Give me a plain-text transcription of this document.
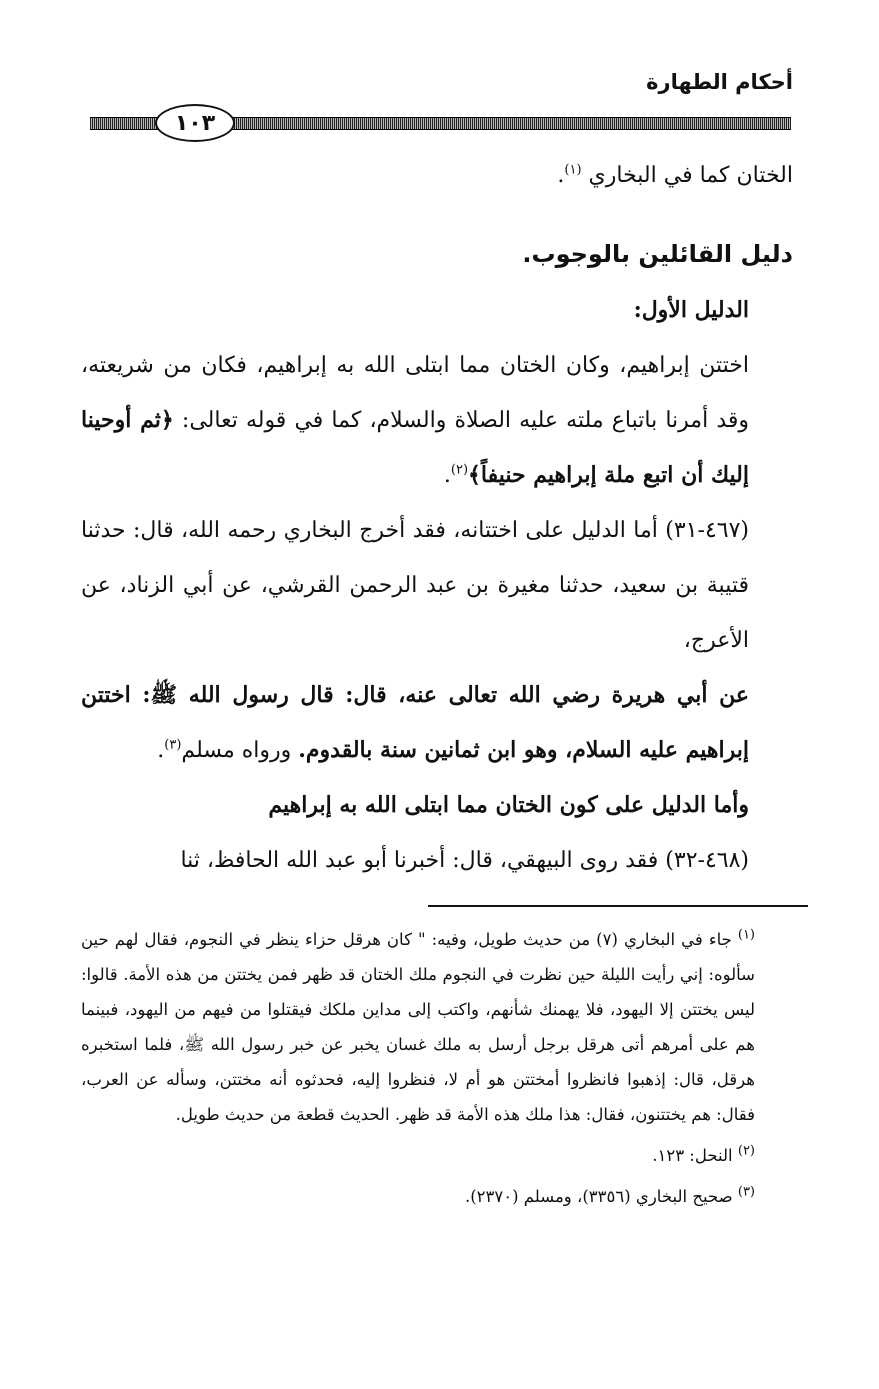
أحكام الطهارة
١٠٣

الختان كما في البخاري $^{(١)}$.

دليل القائلين بالوجوب.

الدليل الأول:

اختتن إبراهيم، وكان الختان مما ابتلى الله به إبراهيم، فكان من شريعته، وقد أمرنا باتباع ملته عليه الصلاة والسلام، كما في قوله تعالى: ﴿ثم أوحينا إليك أن اتبع ملة إبراهيم حنيفاً﴾$^{(٢)}$.

(٤٦٧-٣١) أما الدليل على اختتانه، فقد أخرج البخاري رحمه الله، قال: حدثنا قتيبة بن سعيد، حدثنا مغيرة بن عبد الرحمن القرشي، عن أبي الزناد، عن الأعرج،

عن أبي هريرة رضي الله تعالى عنه، قال: قال رسول الله ﷺ: اختتن إبراهيم عليه السلام، وهو ابن ثمانين سنة بالقدوم. ورواه مسلم$^{(٣)}$.

وأما الدليل على كون الختان مما ابتلى الله به إبراهيم

(٤٦٨-٣٢) فقد روى البيهقي، قال: أخبرنا أبو عبد الله الحافظ، ثنا

$^{(١)}$ جاء في البخاري (٧) من حديث طويل، وفيه: " كان هرقل حزاء ينظر في النجوم، فقال لهم حين سألوه: إني رأيت الليلة حين نظرت في النجوم ملك الختان قد ظهر فمن يختتن من هذه الأمة. قالوا: ليس يختتن إلا اليهود، فلا يهمنك شأنهم، واكتب إلى مداين ملكك فيقتلوا من فيهم من اليهود، فبينما هم على أمرهم أتى هرقل برجل أرسل به ملك غسان يخبر عن خبر رسول الله ﷺ، فلما استخبره هرقل، قال: إذهبوا فانظروا أمختتن هو أم لا، فنظروا إليه، فحدثوه أنه مختتن، وسأله عن العرب، فقال: هم يختتنون، فقال: هذا ملك هذه الأمة قد ظهر. الحديث قطعة من حديث طويل.

$^{(٢)}$ النحل: ١٢٣.

$^{(٣)}$ صحيح البخاري (٣٣٥٦)، ومسلم (٢٣٧٠).
